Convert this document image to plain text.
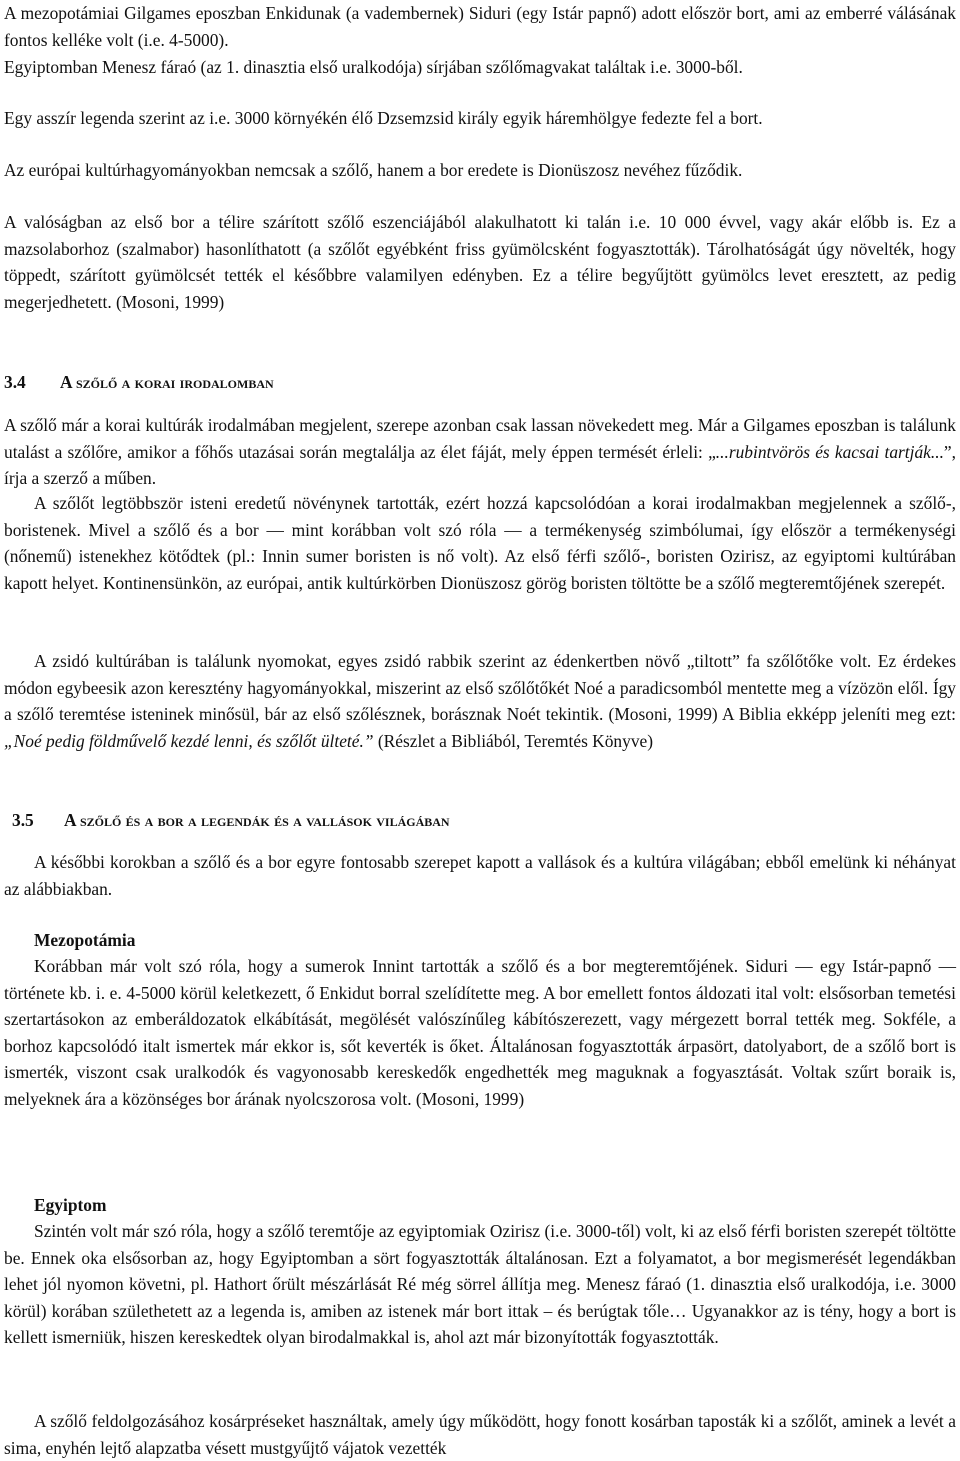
A mezopotámiai Gilgames eposzban Enkidunak (a vadembernek) Siduri (egy Istár papnő) adott először bort, ami az emberré válásának fontos kelléke volt (i.e. 4-5000).
Egyiptomban Menesz fáraó (az 1. dinasztia első uralkodója) sírjában szőlőmagvakat találtak i.e. 3000-ből.
Egy asszír legenda szerint az i.e. 3000 környékén élő Dzsemzsid király egyik háremhölgye fedezte fel a bort.
Az európai kultúrhagyományokban nemcsak a szőlő, hanem a bor eredete is Dionüszosz nevéhez fűződik.
A valóságban az első bor a télire szárított szőlő eszenciájából alakulhatott ki talán i.e. 10 000 évvel, vagy akár előbb is. Ez a mazsolaborhoz (szalmabor) hasonlíthatott (a szőlőt egyébként friss gyümölcsként fogyasztották). Tárolhatóságát úgy növelték, hogy töppedt, szárított gyümölcsét tették el későbbre valamilyen edényben. Ez a télire begyűjtött gyümölcs levet eresztett, az pedig megerjedhetett. (Mosoni, 1999)
3.4 A szőlő a korai irodalomban
A szőlő már a korai kultúrák irodalmában megjelent, szerepe azonban csak lassan növekedett meg. Már a Gilgames eposzban is találunk utalást a szőlőre, amikor a főhős utazásai során megtalálja az élet fáját, mely éppen termését érleli: „...rubintvörös és kacsai tartják...”, írja a szerző a műben.
A szőlőt legtöbbször isteni eredetű növénynek tartották, ezért hozzá kapcsolódóan a korai irodalmakban megjelennek a szőlő-, boristenek. Mivel a szőlő és a bor — mint korábban volt szó róla — a termékenység szimbólumai, így először a termékenységi (nőnemű) istenekhez kötődtek (pl.: Innin sumer boristen is nő volt). Az első férfi szőlő-, boristen Ozirisz, az egyiptomi kultúrában kapott helyet. Kontinensünkön, az európai, antik kultúrkörben Dionüszosz görög boristen töltötte be a szőlő megteremtőjének szerepét.
A zsidó kultúrában is találunk nyomokat, egyes zsidó rabbik szerint az édenkertben növő „tiltott” fa szőlőtőke volt. Ez érdekes módon egybeesik azon keresztény hagyományokkal, miszerint az első szőlőtőkét Noé a paradicsomból mentette meg a vízözön elől. Így a szőlő teremtése isteninek minősül, bár az első szőlésznek, borásznak Noét tekintik. (Mosoni, 1999) A Biblia ekképp jeleníti meg ezt: „Noé pedig földművelő kezdé lenni, és szőlőt ülteté.” (Részlet a Bibliából, Teremtés Könyve)
3.5 A szőlő és a bor a legendák és a vallások világában
A későbbi korokban a szőlő és a bor egyre fontosabb szerepet kapott a vallások és a kultúra világában; ebből emelünk ki néhányat az alábbiakban.
Mezopotámia
Korábban már volt szó róla, hogy a sumerok Innint tartották a szőlő és a bor megteremtőjének. Siduri — egy Istár-papnő — története kb. i. e. 4-5000 körül keletkezett, ő Enkidut borral szelídítette meg. A bor emellett fontos áldozati ital volt: elsősorban temetési szertartásokon az emberáldozatok elkábítását, megölését valószínűleg kábítószerezett, vagy mérgezett borral tették meg. Sokféle, a borhoz kapcsolódó italt ismertek már ekkor is, sőt keverték is őket. Általánosan fogyasztották árpasört, datolyabort, de a szőlő bort is ismerték, viszont csak uralkodók és vagyonosabb kereskedők engedhették meg maguknak a fogyasztását. Voltak szűrt boraik is, melyeknek ára a közönséges bor árának nyolcszorosa volt. (Mosoni, 1999)
Egyiptom
Szintén volt már szó róla, hogy a szőlő teremtője az egyiptomiak Ozirisz (i.e. 3000-től) volt, ki az első férfi boristen szerepét töltötte be. Ennek oka elsősorban az, hogy Egyiptomban a sört fogyasztották általánosan. Ezt a folyamatot, a bor megismerését legendákban lehet jól nyomon követni, pl. Hathort őrült mészárlását Ré még sörrel állítja meg. Menesz fáraó (1. dinasztia első uralkodója, i.e. 3000 körül) korában születhetett az a legenda is, amiben az istenek már bort ittak – és berúgtak tőle… Ugyanakkor az is tény, hogy a bort is kellett ismerniük, hiszen kereskedtek olyan birodalmakkal is, ahol azt már bizonyították fogyasztották.
A szőlő feldolgozásához kosárpréseket használtak, amely úgy működött, hogy fonott kosárban taposták ki a szőlőt, aminek a levét a sima, enyhén lejtő alapzatba vésett mustgyűjtő vájatok vezették
